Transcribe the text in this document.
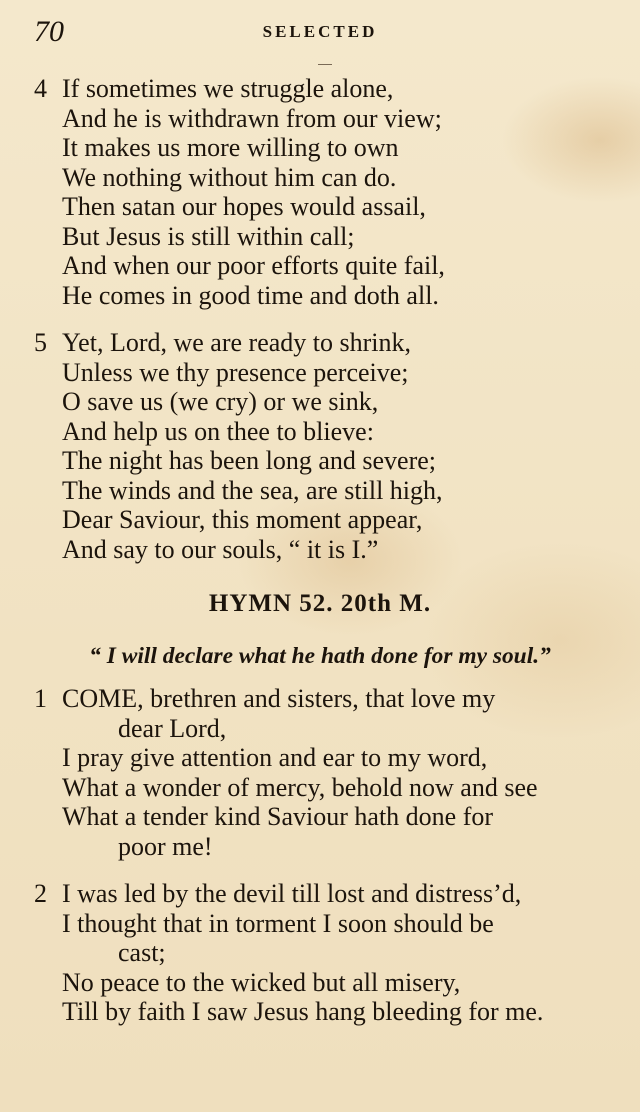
70	SELECTED
4 If sometimes we struggle alone,
And he is withdrawn from our view;
It makes us more willing to own
We nothing without him can do.
Then satan our hopes would assail,
But Jesus is still within call;
And when our poor efforts quite fail,
He comes in good time and doth all.
5 Yet, Lord, we are ready to shrink,
Unless we thy presence perceive;
O save us (we cry) or we sink,
And help us on thee to blieve:
The night has been long and severe;
The winds and the sea, are still high,
Dear Saviour, this moment appear,
And say to our souls, “ it is I.”
HYMN 52. 20th M.
“ I will declare what he hath done for my soul.”
1 COME, brethren and sisters, that love my
dear Lord,
I pray give attention and ear to my word,
What a wonder of mercy, behold now and see
What a tender kind Saviour hath done for
poor me!
2 I was led by the devil till lost and distress’d,
I thought that in torment I soon should be
cast;
No peace to the wicked but all misery,
Till by faith I saw Jesus hang bleeding for me.
